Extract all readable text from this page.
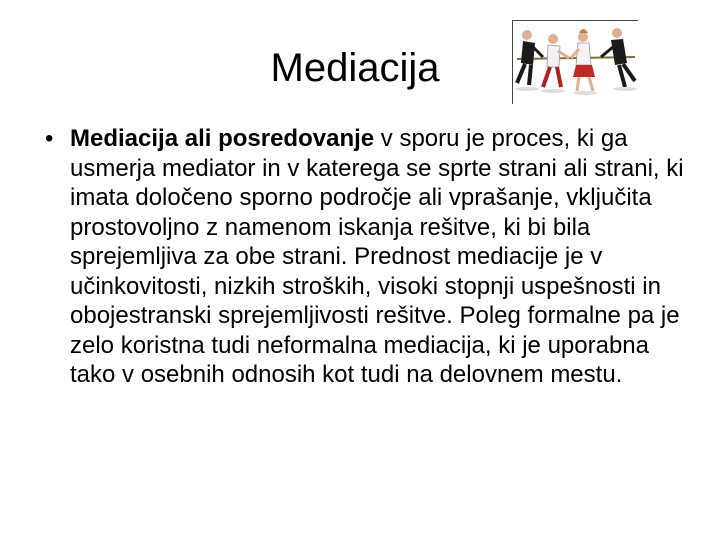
Mediacija
• Mediacija ali posredovanje v sporu je proces, ki ga usmerja mediator in v katerega se sprte strani ali strani, ki imata določeno sporno področje ali vprašanje, vključita prostovoljno z namenom iskanja rešitve, ki bi bila sprejemljiva za obe strani. Prednost mediacije je v učinkovitosti, nizkih stroških, visoki stopnji uspešnosti in obojestranski sprejemljivosti rešitve. Poleg formalne pa je zelo koristna tudi neformalna mediacija, ki je uporabna tako v osebnih odnosih kot tudi na delovnem mestu.
